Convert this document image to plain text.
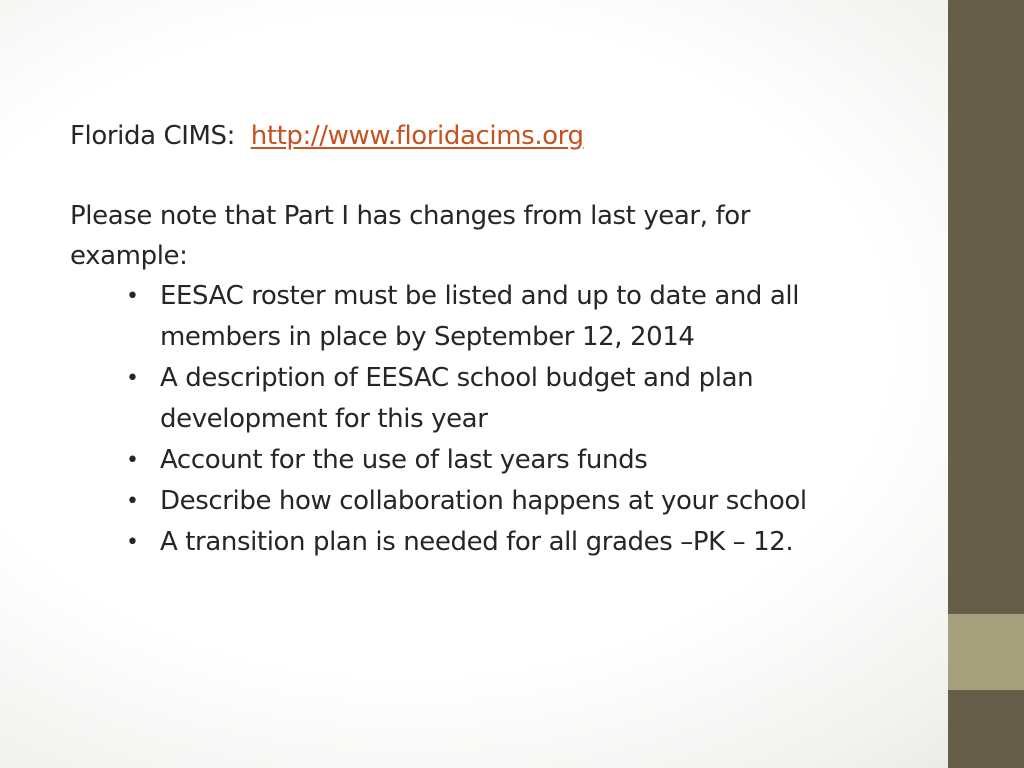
Florida CIMS: http://www.floridacims.org

Please note that Part I has changes from last year, for example:

• EESAC roster must be listed and up to date and all members in place by September 12, 2014
• A description of EESAC school budget and plan development for this year
• Account for the use of last years funds
• Describe how collaboration happens at your school
• A transition plan is needed for all grades –PK – 12.
